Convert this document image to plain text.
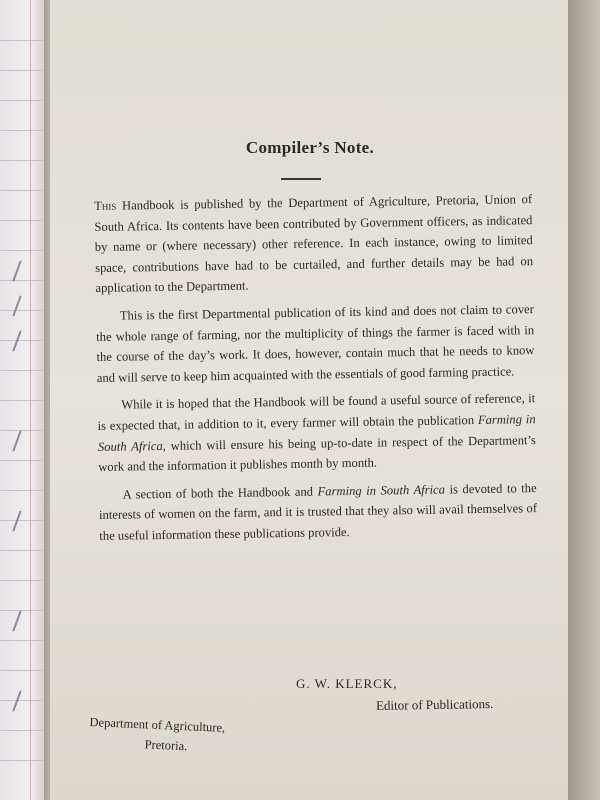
Compiler’s Note.

This Handbook is published by the Department of Agriculture, Pretoria, Union of South Africa. Its contents have been contributed by Government officers, as indicated by name or (where necessary) other reference. In each instance, owing to limited space, contributions have had to be curtailed, and further details may be had on application to the Department.

This is the first Departmental publication of its kind and does not claim to cover the whole range of farming, nor the multiplicity of things the farmer is faced with in the course of the day’s work. It does, however, contain much that he needs to know and will serve to keep him acquainted with the essentials of good farming practice.

While it is hoped that the Handbook will be found a useful source of reference, it is expected that, in addition to it, every farmer will obtain the publication Farming in South Africa, which will ensure his being up-to-date in respect of the Department’s work and the information it publishes month by month.

A section of both the Handbook and Farming in South Africa is devoted to the interests of women on the farm, and it is trusted that they also will avail themselves of the useful information these publications provide.

G. W. KLERCK,
Editor of Publications.
Department of Agriculture,
Pretoria.
